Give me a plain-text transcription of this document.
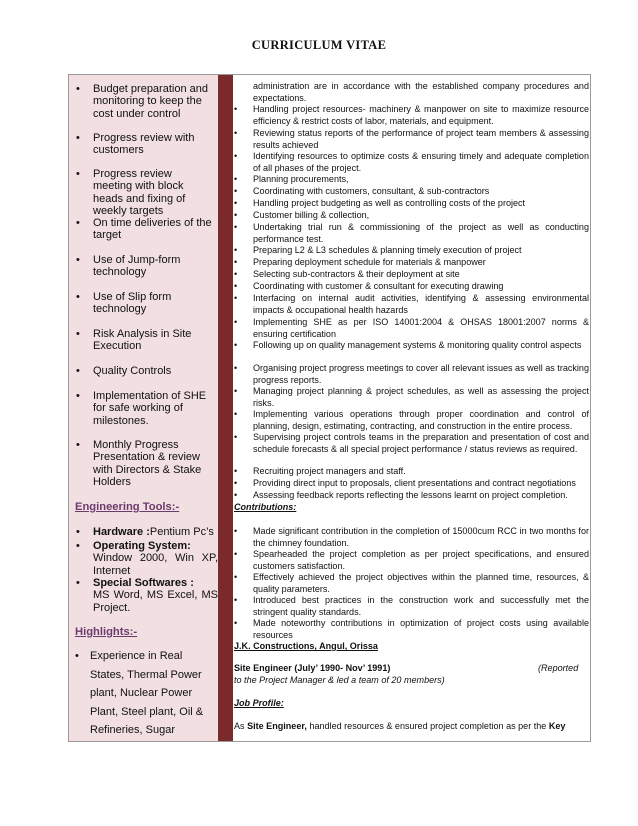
CURRICULUM VITAE
• Budget preparation and monitoring to keep the cost under control
• Progress review with customers
• Progress review meeting with block heads and fixing of weekly targets
• On time deliveries of the target
• Use of Jump-form technology
• Use of Slip form technology
• Risk Analysis in Site Execution
• Quality Controls
• Implementation of SHE for safe working of milestones.
• Monthly Progress Presentation & review with Directors & Stake Holders
Engineering Tools:-
• Hardware :Pentium Pc’s
• Operating System:
Window 2000, Win XP, Internet
• Special Softwares :
MS Word, MS Excel, MS Project.
Highlights:-
• Experience in Real States, Thermal Power plant, Nuclear Power Plant, Steel plant, Oil & Refineries, Sugar
administration are in accordance with the established company procedures and expectations.
• Handling project resources- machinery & manpower on site to maximize resource efficiency & restrict costs of labor, materials, and equipment.
• Reviewing status reports of the performance of project team members & assessing results achieved
• Identifying resources to optimize costs & ensuring timely and adequate completion of all phases of the project.
• Planning procurements,
• Coordinating with customers, consultant, & sub-contractors
• Handling project budgeting as well as controlling costs of the project
• Customer billing & collection,
• Undertaking trial run & commissioning of the project as well as conducting performance test.
• Preparing L2 & L3 schedules & planning timely execution of project
• Preparing deployment schedule for materials & manpower
• Selecting sub-contractors & their deployment at site
• Coordinating with customer & consultant for executing drawing
• Interfacing on internal audit activities, identifying & assessing environmental impacts & occupational health hazards
• Implementing SHE as per ISO 14001:2004 & OHSAS 18001:2007 norms & ensuring certification
• Following up on quality management systems & monitoring quality control aspects
• Organising project progress meetings to cover all relevant issues as well as tracking progress reports.
• Managing project planning & project schedules, as well as assessing the project risks.
• Implementing various operations through proper coordination and control of planning, design, estimating, contracting, and construction in the entire process.
• Supervising project controls teams in the preparation and presentation of cost and schedule forecasts & all special project performance / status reviews as required.
• Recruiting project managers and staff.
• Providing direct input to proposals, client presentations and contract negotiations
• Assessing feedback reports reflecting the lessons learnt on project completion.
Contributions:
• Made significant contribution in the completion of 15000cum RCC in two months for the chimney foundation.
• Spearheaded the project completion as per project specifications, and ensured customers satisfaction.
• Effectively achieved the project objectives within the planned time, resources, & quality parameters.
• Introduced best practices in the construction work and successfully met the stringent quality standards.
• Made noteworthy contributions in optimization of project costs using available resources
J.K. Constructions, Angul, Orissa
Site Engineer (July’ 1990- Nov’ 1991)	(Reported
to the Project Manager & led a team of 20 members)
Job Profile:
As Site Engineer, handled resources & ensured project completion as per the Key
